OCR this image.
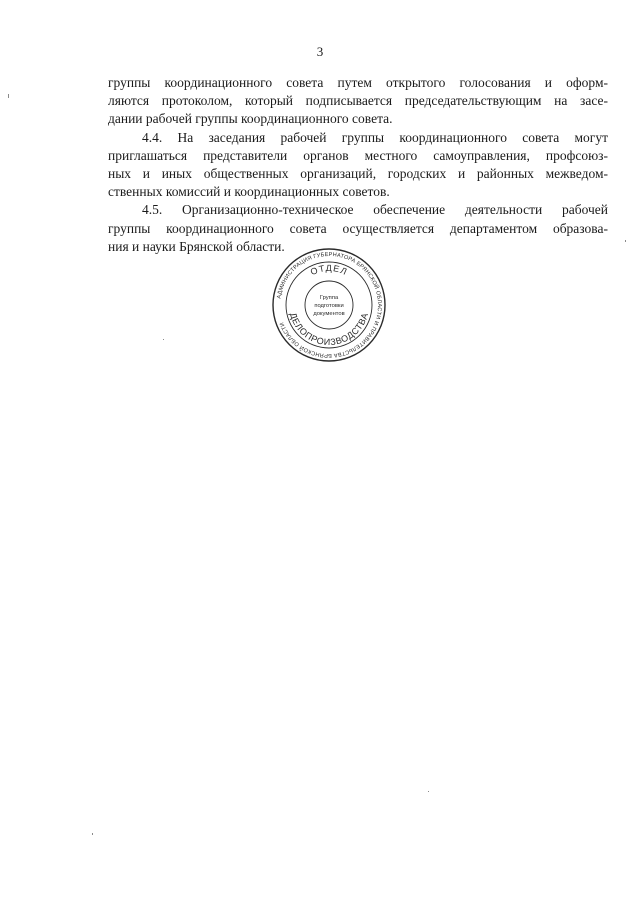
3

группы координационного совета путем открытого голосования и оформ-
ляются протоколом, который подписывается председательствующим на засе-
дании рабочей группы координационного совета.

4.4. На заседания рабочей группы координационного совета могут
приглашаться представители органов местного самоуправления, профсоюз-
ных и иных общественных организаций, городских и районных межведом-
ственных комиссий и координационных советов.

4.5. Организационно-техническое обеспечение деятельности рабочей
группы координационного совета осуществляется департаментом образова-
ния и науки Брянской области.

АДМИНИСТРАЦИЯ ГУБЕРНАТОРА БРЯНСКОЙ ОБЛАСТИ И ПРАВИТЕЛЬСТВА БРЯНСКОЙ ОБЛАСТИ
ОТДЕЛ
ДЕЛОПРОИЗВОДСТВА
Группа
подготовки
документов
